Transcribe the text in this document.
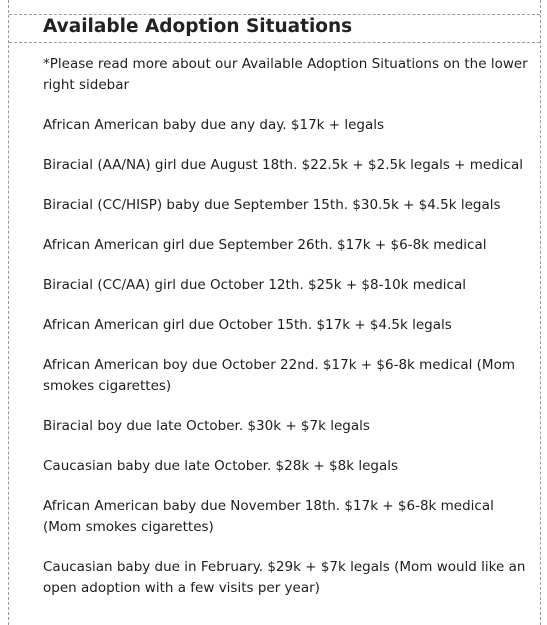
Available Adoption Situations

*Please read more about our Available Adoption Situations on the lower right sidebar

African American baby due any day. $17k + legals

Biracial (AA/NA) girl due August 18th. $22.5k + $2.5k legals + medical

Biracial (CC/HISP) baby due September 15th. $30.5k + $4.5k legals

African American girl due September 26th. $17k + $6-8k medical

Biracial (CC/AA) girl due October 12th. $25k + $8-10k medical

African American girl due October 15th. $17k + $4.5k legals

African American boy due October 22nd. $17k + $6-8k medical (Mom smokes cigarettes)

Biracial boy due late October. $30k + $7k legals

Caucasian baby due late October. $28k + $8k legals

African American baby due November 18th. $17k + $6-8k medical (Mom smokes cigarettes)

Caucasian baby due in February. $29k + $7k legals (Mom would like an open adoption with a few visits per year)
